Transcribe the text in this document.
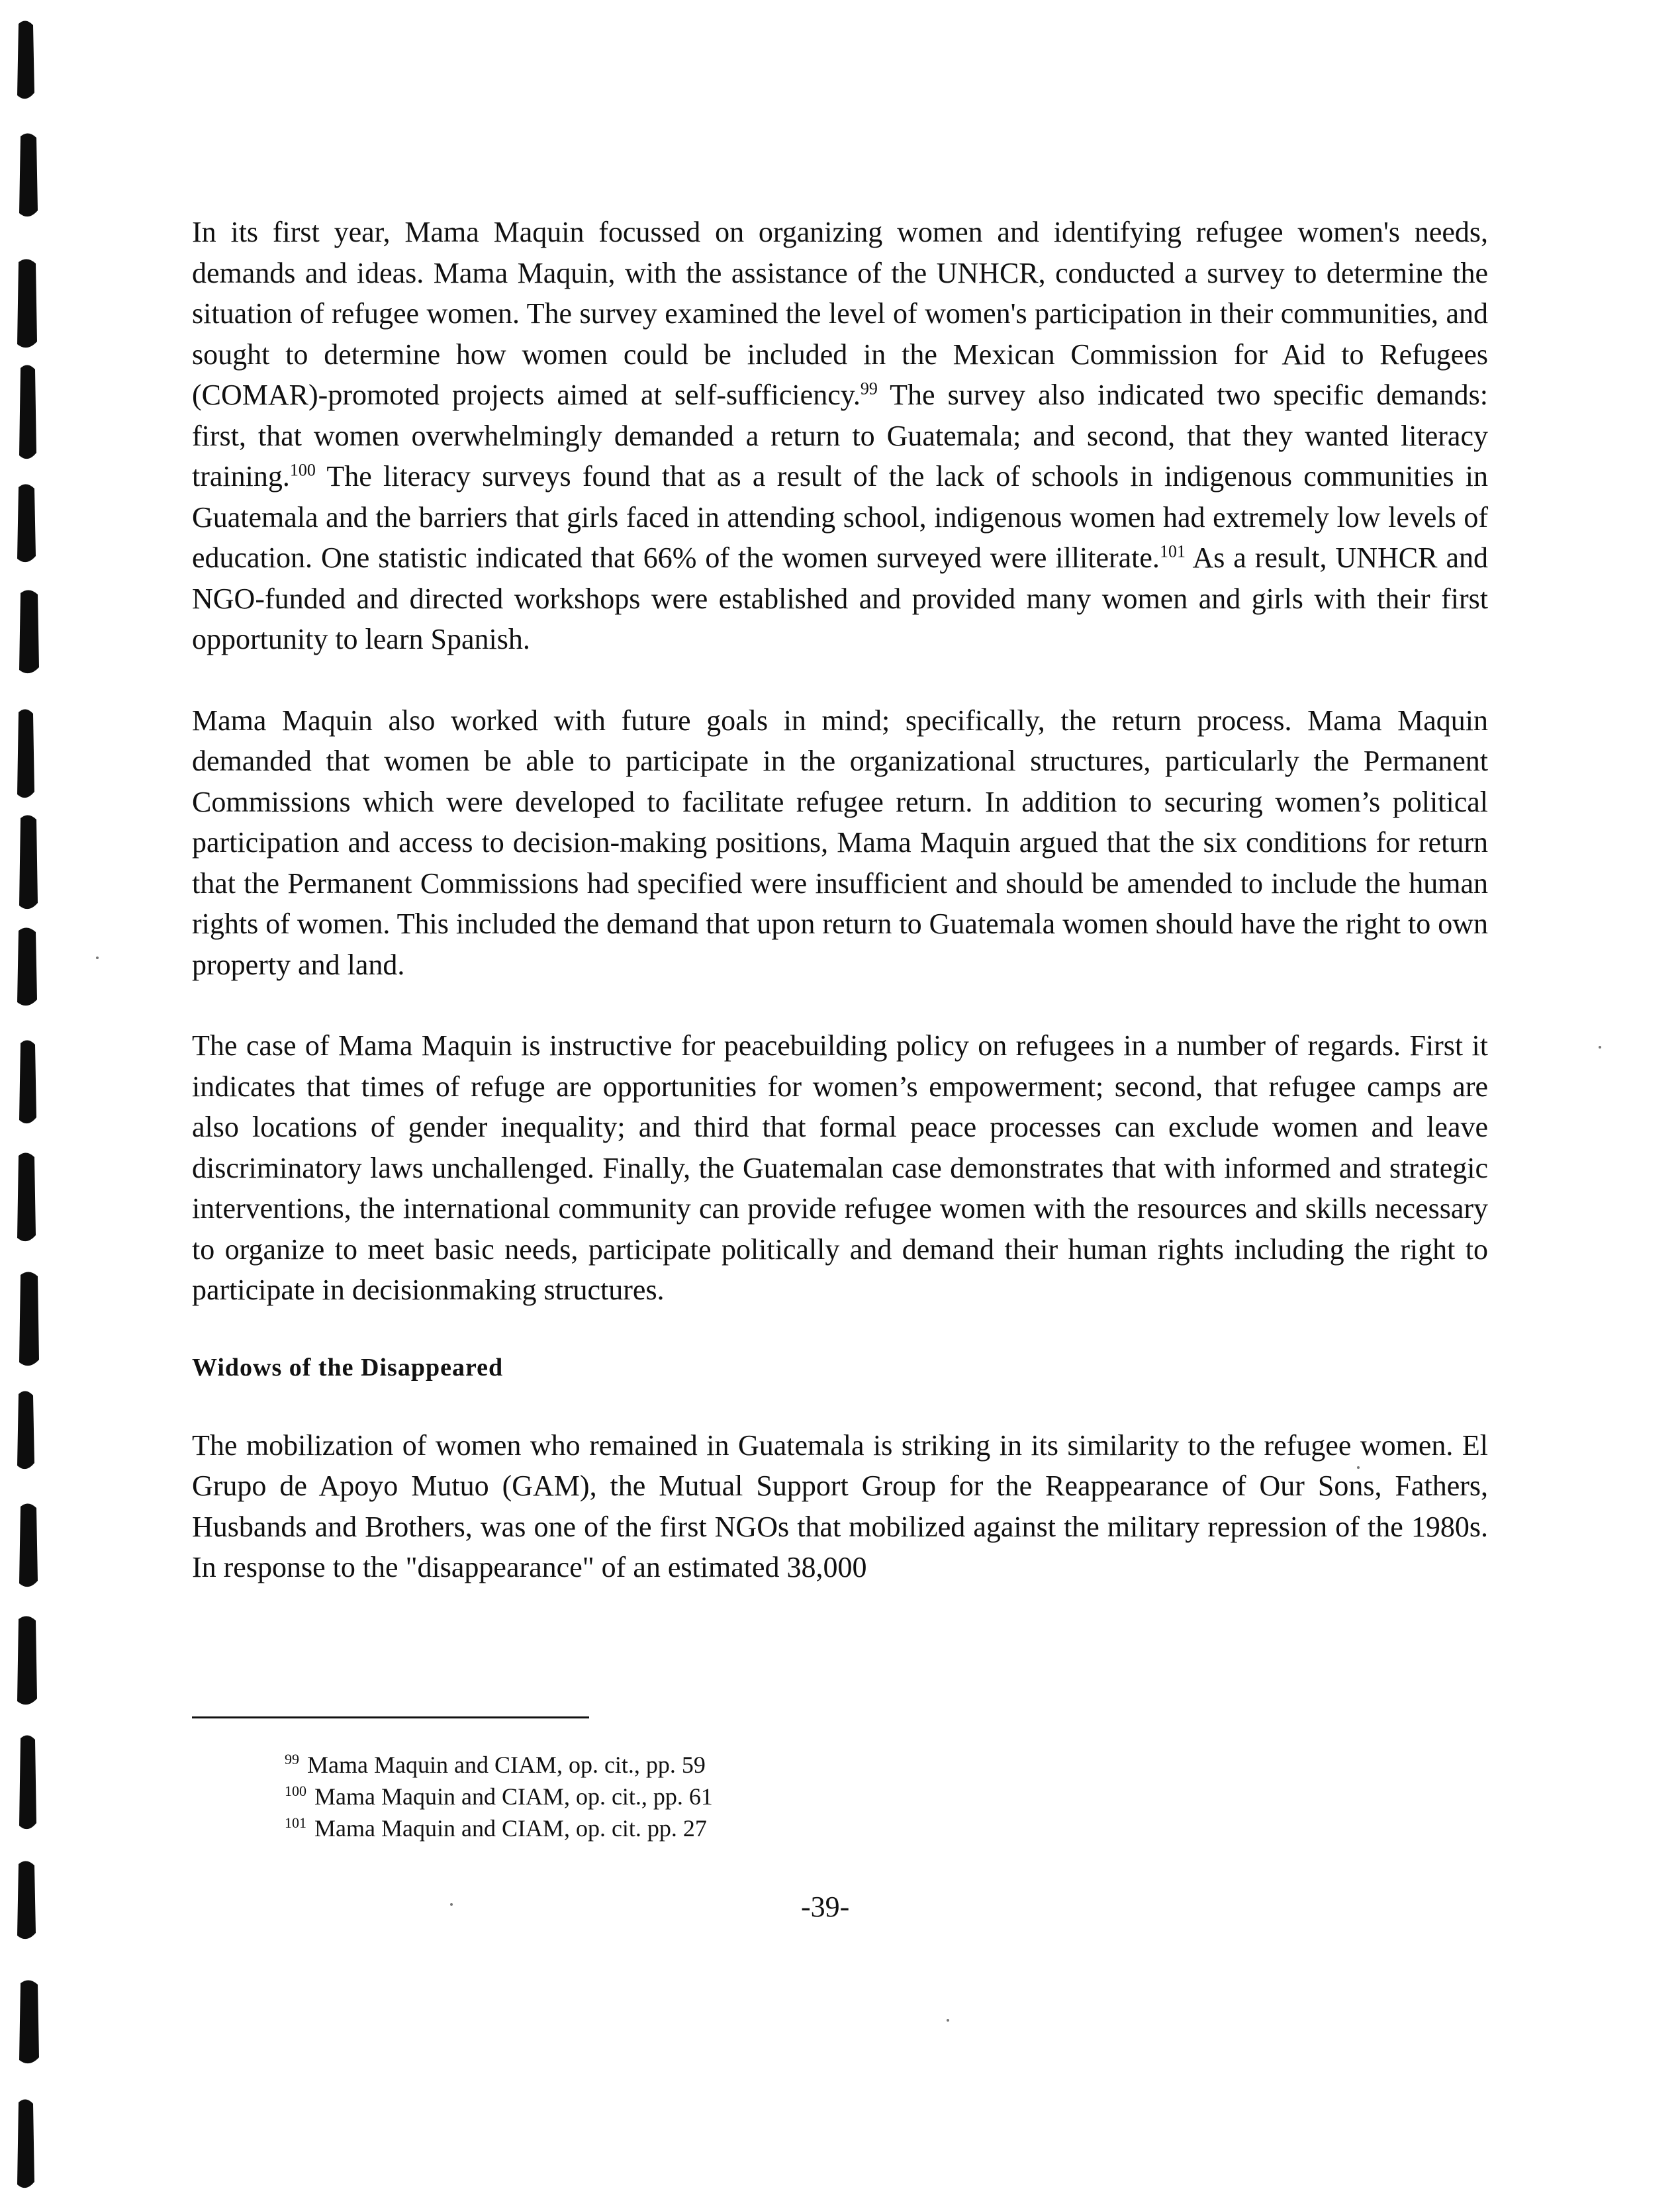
In its first year, Mama Maquin focussed on organizing women and identifying refugee women's needs, demands and ideas. Mama Maquin, with the assistance of the UNHCR, conducted a survey to determine the situation of refugee women. The survey examined the level of women's participation in their communities, and sought to determine how women could be included in the Mexican Commission for Aid to Refugees (COMAR)-promoted projects aimed at self-sufficiency.$^{99}$ The survey also indicated two specific demands: first, that women overwhelmingly demanded a return to Guatemala; and second, that they wanted literacy training.$^{100}$ The literacy surveys found that as a result of the lack of schools in indigenous communities in Guatemala and the barriers that girls faced in attending school, indigenous women had extremely low levels of education. One statistic indicated that 66% of the women surveyed were illiterate.$^{101}$ As a result, UNHCR and NGO-funded and directed workshops were established and provided many women and girls with their first opportunity to learn Spanish.

Mama Maquin also worked with future goals in mind; specifically, the return process. Mama Maquin demanded that women be able to participate in the organizational structures, particularly the Permanent Commissions which were developed to facilitate refugee return. In addition to securing women’s political participation and access to decision-making positions, Mama Maquin argued that the six conditions for return that the Permanent Commissions had specified were insufficient and should be amended to include the human rights of women. This included the demand that upon return to Guatemala women should have the right to own property and land.

The case of Mama Maquin is instructive for peacebuilding policy on refugees in a number of regards. First it indicates that times of refuge are opportunities for women’s empowerment; second, that refugee camps are also locations of gender inequality; and third that formal peace processes can exclude women and leave discriminatory laws unchallenged. Finally, the Guatemalan case demonstrates that with informed and strategic interventions, the international community can provide refugee women with the resources and skills necessary to organize to meet basic needs, participate politically and demand their human rights including the right to participate in decisionmaking structures.

Widows of the Disappeared

The mobilization of women who remained in Guatemala is striking in its similarity to the refugee women. El Grupo de Apoyo Mutuo (GAM), the Mutual Support Group for the Reappearance of Our Sons, Fathers, Husbands and Brothers, was one of the first NGOs that mobilized against the military repression of the 1980s. In response to the "disappearance" of an estimated 38,000

$^{99}$ Mama Maquin and CIAM, op. cit., pp. 59
$^{100}$ Mama Maquin and CIAM, op. cit., pp. 61
$^{101}$ Mama Maquin and CIAM, op. cit. pp. 27
-39-
